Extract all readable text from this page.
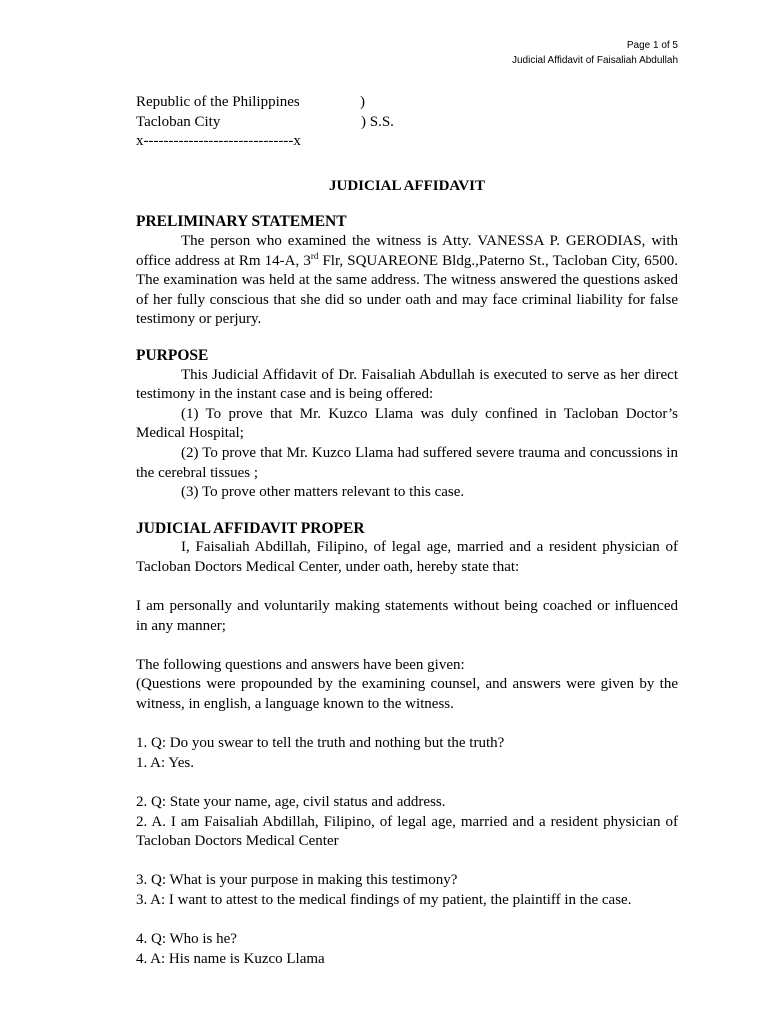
Page 1 of 5
Judicial Affidavit of Faisaliah Abdullah
Republic of the Philippines	)
Tacloban City	) S.S.
x------------------------------x
JUDICIAL AFFIDAVIT
PRELIMINARY STATEMENT
The person who examined the witness is Atty. VANESSA P. GERODIAS, with office address at Rm 14-A, 3rd Flr, SQUAREONE Bldg.,Paterno St., Tacloban City, 6500. The examination was held at the same address. The witness answered the questions asked of her fully conscious that she did so under oath and may face criminal liability for false testimony or perjury.
PURPOSE
This Judicial Affidavit of Dr. Faisaliah Abdullah is executed to serve as her direct testimony in the instant case and is being offered:
(1) To prove that Mr. Kuzco Llama was duly confined in Tacloban Doctor’s Medical Hospital;
(2) To prove that Mr. Kuzco Llama had suffered severe trauma and concussions in the cerebral tissues ;
(3) To prove other matters relevant to this case.
JUDICIAL AFFIDAVIT PROPER
I, Faisaliah Abdillah, Filipino, of legal age, married and a resident physician of Tacloban Doctors Medical Center, under oath, hereby state that:
I am personally and voluntarily making statements without being coached or influenced in any manner;
The following questions and answers have been given:
(Questions were propounded by the examining counsel, and answers were given by the witness, in english, a language known to the witness.
1. Q: Do you swear to tell the truth and nothing but the truth?
1. A: Yes.
2. Q: State your name, age, civil status and address.
2. A. I am Faisaliah Abdillah, Filipino, of legal age, married and a resident physician of Tacloban Doctors Medical Center
3. Q: What is your purpose in making this testimony?
3. A: I want to attest to the medical findings of my patient, the plaintiff in the case.
4. Q: Who is he?
4. A: His name is Kuzco Llama
